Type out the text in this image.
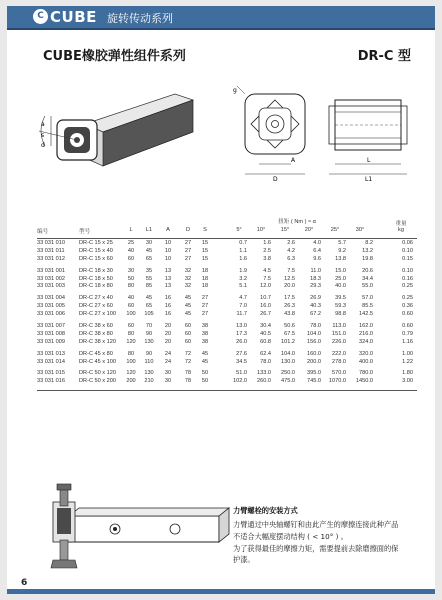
C CUBE 旋转传动系列
CUBE橡胶弹性组件系列	DR-C 型
a
s
d
g
A
D
L
L1
编号	型号	L	L1	A	D	S
扭矩 ( Nm ) ≈ α
5°	10°	15°	20°	25°	30°
重量
kg
33 031 010	DR-C 15 x 25	25	30	10	27	15	0.7	1.6	2.6	4.0	5.7	8.2	0.06
33 031 011	DR-C 15 x 40	40	45	10	27	15	1.1	2.5	4.2	6.4	9.2	13.2	0.10
33 031 012	DR-C 15 x 60	60	65	10	27	15	1.6	3.8	6.3	9.6	13.8	19.8	0.15
33 031 001	DR-C 18 x 30	30	35	13	32	18	1.9	4.5	7.5	11.0	15.0	20.6	0.10
33 031 002	DR-C 18 x 50	50	55	13	32	18	3.2	7.5	12.5	18.3	25.0	34.4	0.16
33 031 003	DR-C 18 x 80	80	85	13	32	18	5.1	12.0	20.0	29.3	40.0	55.0	0.25
33 031 004	DR-C 27 x 40	40	45	16	45	27	4.7	10.7	17.5	26.9	39.5	57.0	0.25
33 031 005	DR-C 27 x 60	60	65	16	45	27	7.0	16.0	26.3	40.3	59.3	85.5	0.36
33 031 006	DR-C 27 x 100	100	105	16	45	27	11.7	26.7	43.8	67.2	98.8	142.5	0.60
33 031 007	DR-C 38 x 60	60	70	20	60	38	13.0	30.4	50.6	78.0	113.0	162.0	0.60
33 031 008	DR-C 38 x 80	80	90	20	60	38	17.3	40.5	67.5	104.0	151.0	216.0	0.79
33 031 009	DR-C 38 x 120	120	130	20	60	38	26.0	60.8	101.2	156.0	226.0	324.0	1.16
33 031 013	DR-C 45 x 80	80	90	24	72	45	27.6	62.4	104.0	160.0	222.0	320.0	1.00
33 031 014	DR-C 45 x 100	100	110	24	72	45	34.5	78.0	130.0	200.0	278.0	400.0	1.22
33 031 015	DR-C 50 x 120	120	130	30	78	50	51.0	133.0	250.0	395.0	570.0	780.0	1.80
33 031 016	DR-C 50 x 200	200	210	30	78	50	102.0	260.0	475.0	745.0	1070.0	1450.0	3.00
力臂螺栓的安装方式
力臂通过中央轴螺钉和由此产生的摩擦连接此种产品
不适合大幅度摆动结构 ( < 10° ) 。
为了获得最佳的摩擦力矩，需要提前去除磨擦面的保
护漆。
6
